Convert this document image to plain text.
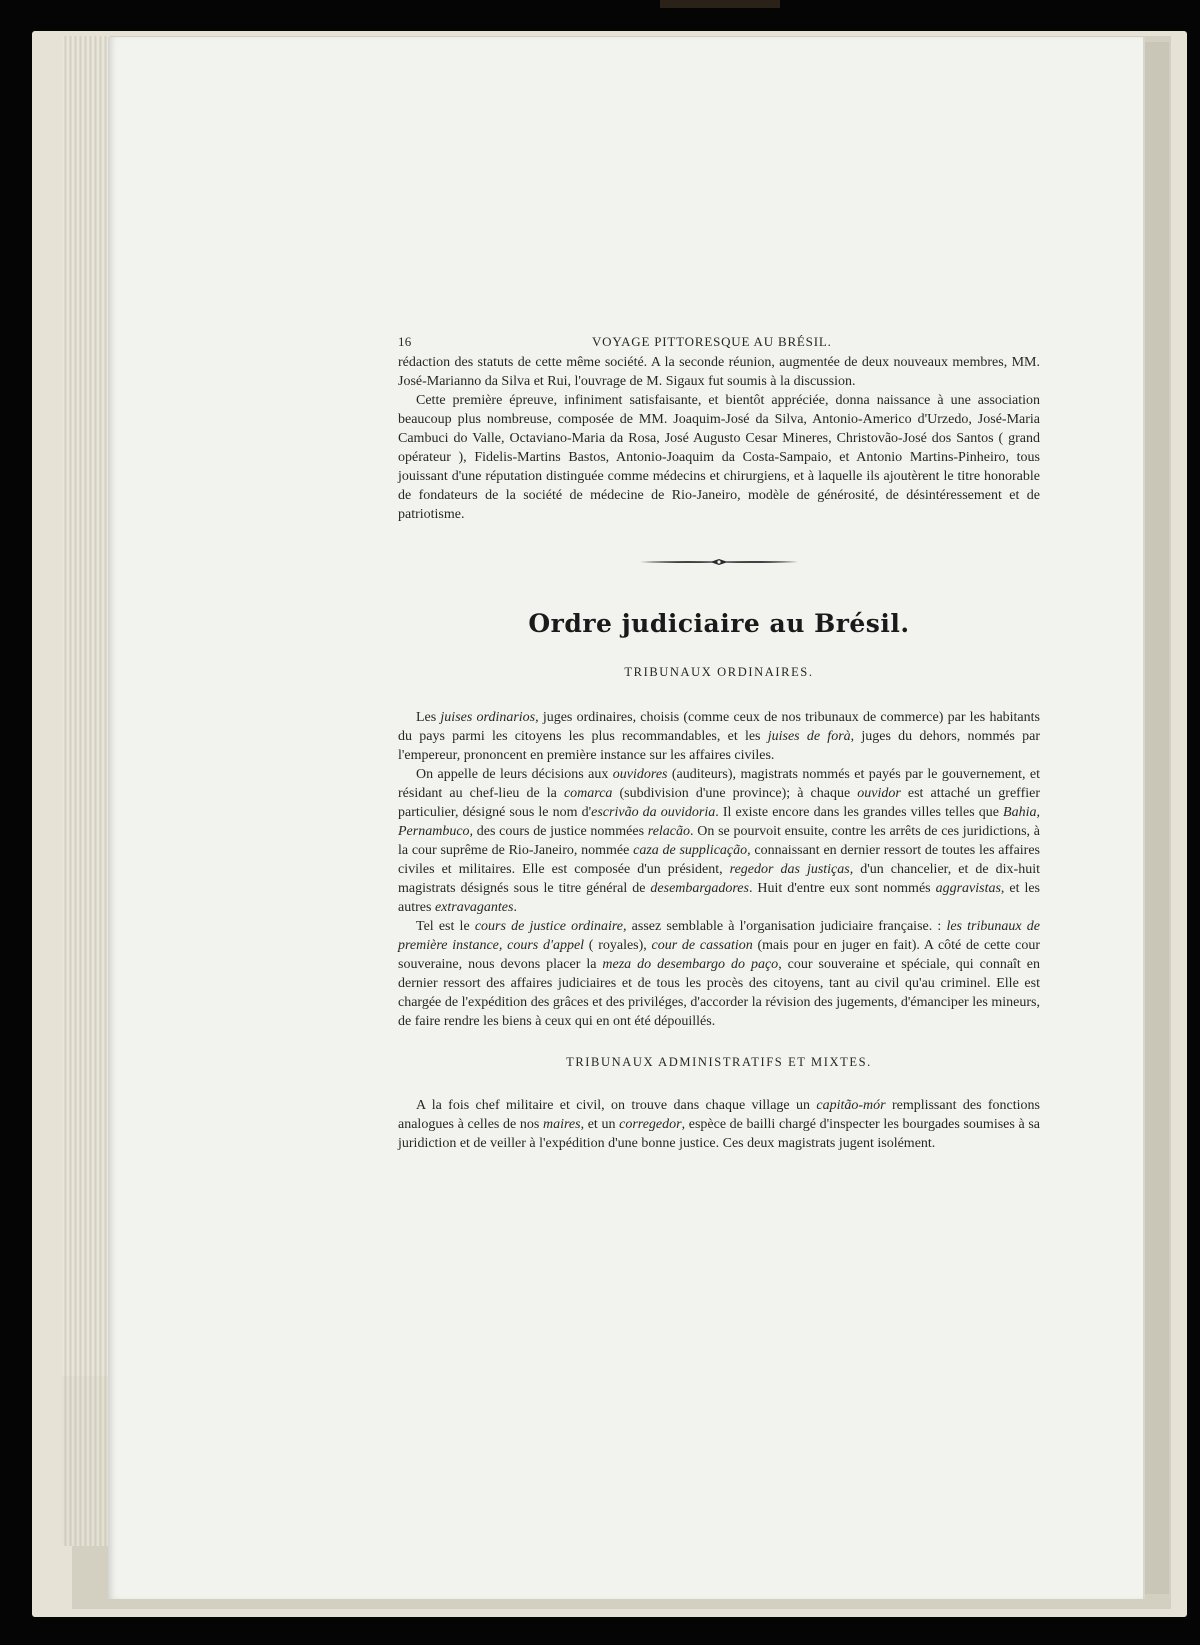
16	VOYAGE PITTORESQUE AU BRÉSIL.

rédaction des statuts de cette même société. A la seconde réunion, augmentée de deux nouveaux membres, MM. José-Marianno da Silva et Rui, l'ouvrage de M. Sigaux fut soumis à la discussion.

Cette première épreuve, infiniment satisfaisante, et bientôt appréciée, donna naissance à une association beaucoup plus nombreuse, composée de MM. Joaquim-José da Silva, Antonio-Americo d'Urzedo, José-Maria Cambuci do Valle, Octaviano-Maria da Rosa, José Augusto Cesar Mineres, Christovão-José dos Santos ( grand opérateur ), Fidelis-Martins Bastos, Antonio-Joaquim da Costa-Sampaio, et Antonio Martins-Pinheiro, tous jouissant d'une réputation distinguée comme médecins et chirurgiens, et à laquelle ils ajoutèrent le titre honorable de fondateurs de la société de médecine de Rio-Janeiro, modèle de générosité, de désintéressement et de patriotisme.

Ordre judiciaire au Brésil.
TRIBUNAUX ORDINAIRES.

Les juises ordinarios, juges ordinaires, choisis (comme ceux de nos tribunaux de commerce) par les habitants du pays parmi les citoyens les plus recommandables, et les juises de forà, juges du dehors, nommés par l'empereur, prononcent en première instance sur les affaires civiles.

On appelle de leurs décisions aux ouvidores (auditeurs), magistrats nommés et payés par le gouvernement, et résidant au chef-lieu de la comarca (subdivision d'une province); à chaque ouvidor est attaché un greffier particulier, désigné sous le nom d'escrivão da ouvidoria. Il existe encore dans les grandes villes telles que Bahia, Pernambuco, des cours de justice nommées relacão. On se pourvoit ensuite, contre les arrêts de ces juridictions, à la cour suprême de Rio-Janeiro, nommée caza de supplicação, connaissant en dernier ressort de toutes les affaires civiles et militaires. Elle est composée d'un président, regedor das justiças, d'un chancelier, et de dix-huit magistrats désignés sous le titre général de desembargadores. Huit d'entre eux sont nommés aggravistas, et les autres extravagantes.

Tel est le cours de justice ordinaire, assez semblable à l'organisation judiciaire française. : les tribunaux de première instance, cours d'appel ( royales), cour de cassation (mais pour en juger en fait). A côté de cette cour souveraine, nous devons placer la meza do desembargo do paço, cour souveraine et spéciale, qui connaît en dernier ressort des affaires judiciaires et de tous les procès des citoyens, tant au civil qu'au criminel. Elle est chargée de l'expédition des grâces et des priviléges, d'accorder la révision des jugements, d'émanciper les mineurs, de faire rendre les biens à ceux qui en ont été dépouillés.

TRIBUNAUX ADMINISTRATIFS ET MIXTES.

A la fois chef militaire et civil, on trouve dans chaque village un capitão-mór remplissant des fonctions analogues à celles de nos maires, et un corregedor, espèce de bailli chargé d'inspecter les bourgades soumises à sa juridiction et de veiller à l'expédition d'une bonne justice. Ces deux magistrats jugent isolément.
